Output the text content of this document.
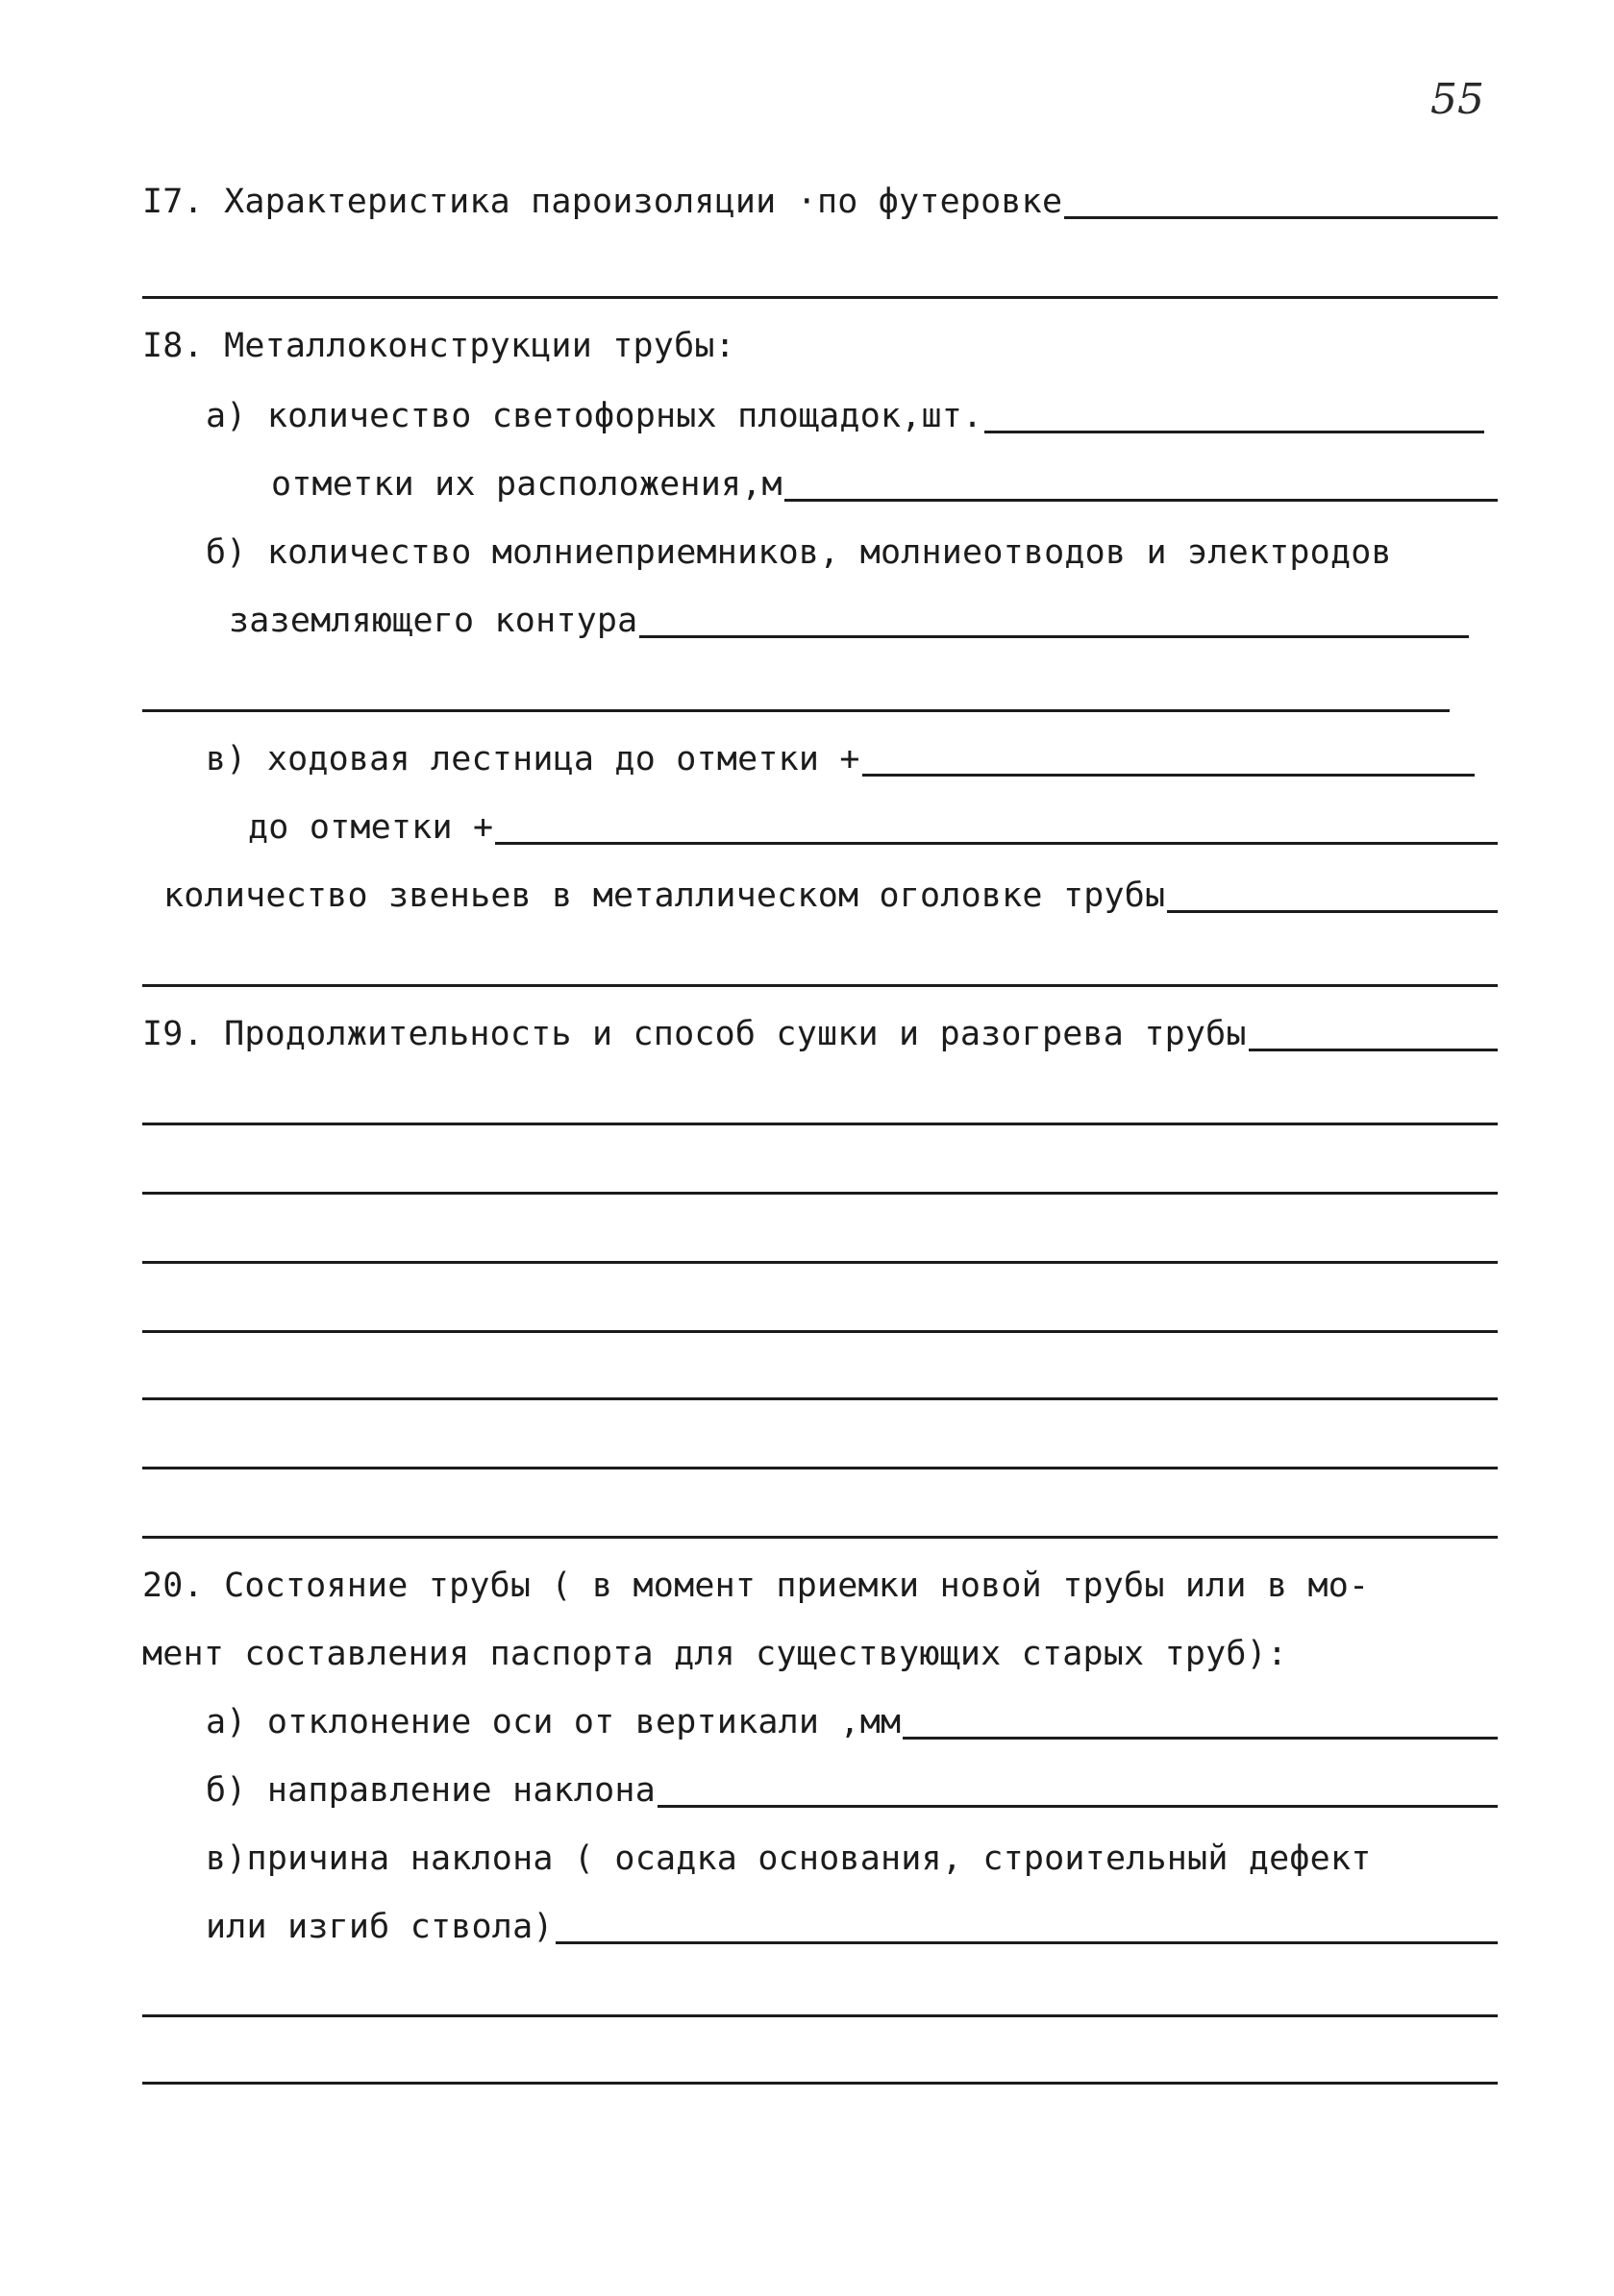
55
I7. Характеристика пароизоляции ·по футеровке
I8. Металлоконструкции трубы:
а) количество светофорных площадок,шт.
отметки их расположения,м
б) количество молниеприемников, молниеотводов и электродов
заземляющего контура
в) ходовая лестница до отметки +
до отметки +
количество звеньев в металлическом оголовке трубы
I9. Продолжительность и способ сушки и разогрева трубы
20. Состояние трубы ( в момент приемки новой трубы или в мо-
мент составления паспорта для существующих старых труб):
а) отклонение оси от вертикали ,мм
б) направление наклона
в)причина наклона ( осадка основания, строительный дефект
или изгиб ствола)
